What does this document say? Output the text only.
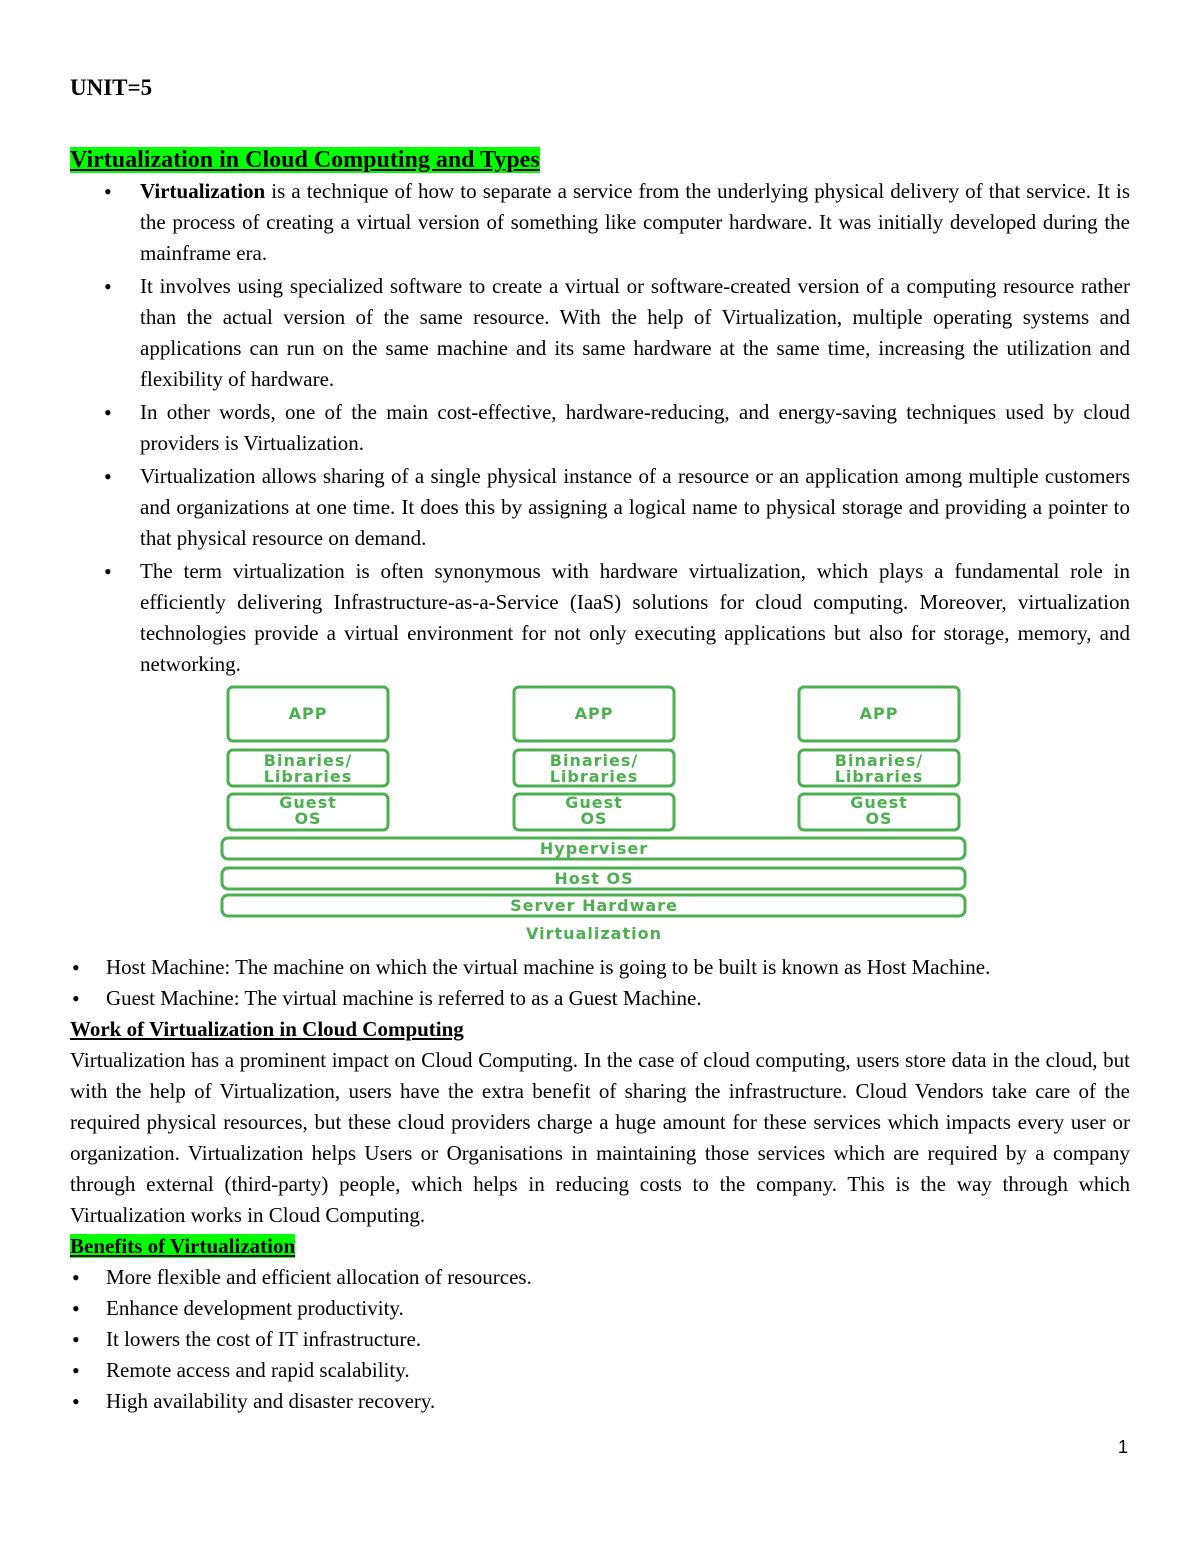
UNIT=5
Virtualization in Cloud Computing and Types
• Virtualization is a technique of how to separate a service from the underlying physical delivery of that service. It is the process of creating a virtual version of something like computer hardware. It was initially developed during the mainframe era.
• It involves using specialized software to create a virtual or software-created version of a computing resource rather than the actual version of the same resource. With the help of Virtualization, multiple operating systems and applications can run on the same machine and its same hardware at the same time, increasing the utilization and flexibility of hardware.
• In other words, one of the main cost-effective, hardware-reducing, and energy-saving techniques used by cloud providers is Virtualization.
• Virtualization allows sharing of a single physical instance of a resource or an application among multiple customers and organizations at one time. It does this by assigning a logical name to physical storage and providing a pointer to that physical resource on demand.
• The term virtualization is often synonymous with hardware virtualization, which plays a fundamental role in efficiently delivering Infrastructure-as-a-Service (IaaS) solutions for cloud computing. Moreover, virtualization technologies provide a virtual environment for not only executing applications but also for storage, memory, and networking.
APP	APP	APP
Binaries/
Libraries
Binaries/
Libraries
Binaries/
Libraries
Guest
OS
Guest
OS
Guest
OS
Hyperviser
Host OS
Server Hardware
Virtualization
• Host Machine: The machine on which the virtual machine is going to be built is known as Host Machine.
• Guest Machine: The virtual machine is referred to as a Guest Machine.
Work of Virtualization in Cloud Computing

Virtualization has a prominent impact on Cloud Computing. In the case of cloud computing, users store data in the cloud, but with the help of Virtualization, users have the extra benefit of sharing the infrastructure. Cloud Vendors take care of the required physical resources, but these cloud providers charge a huge amount for these services which impacts every user or organization. Virtualization helps Users or Organisations in maintaining those services which are required by a company through external (third-party) people, which helps in reducing costs to the company. This is the way through which Virtualization works in Cloud Computing.

Benefits of Virtualization
• More flexible and efficient allocation of resources.
• Enhance development productivity.
• It lowers the cost of IT infrastructure.
• Remote access and rapid scalability.
• High availability and disaster recovery.
1
